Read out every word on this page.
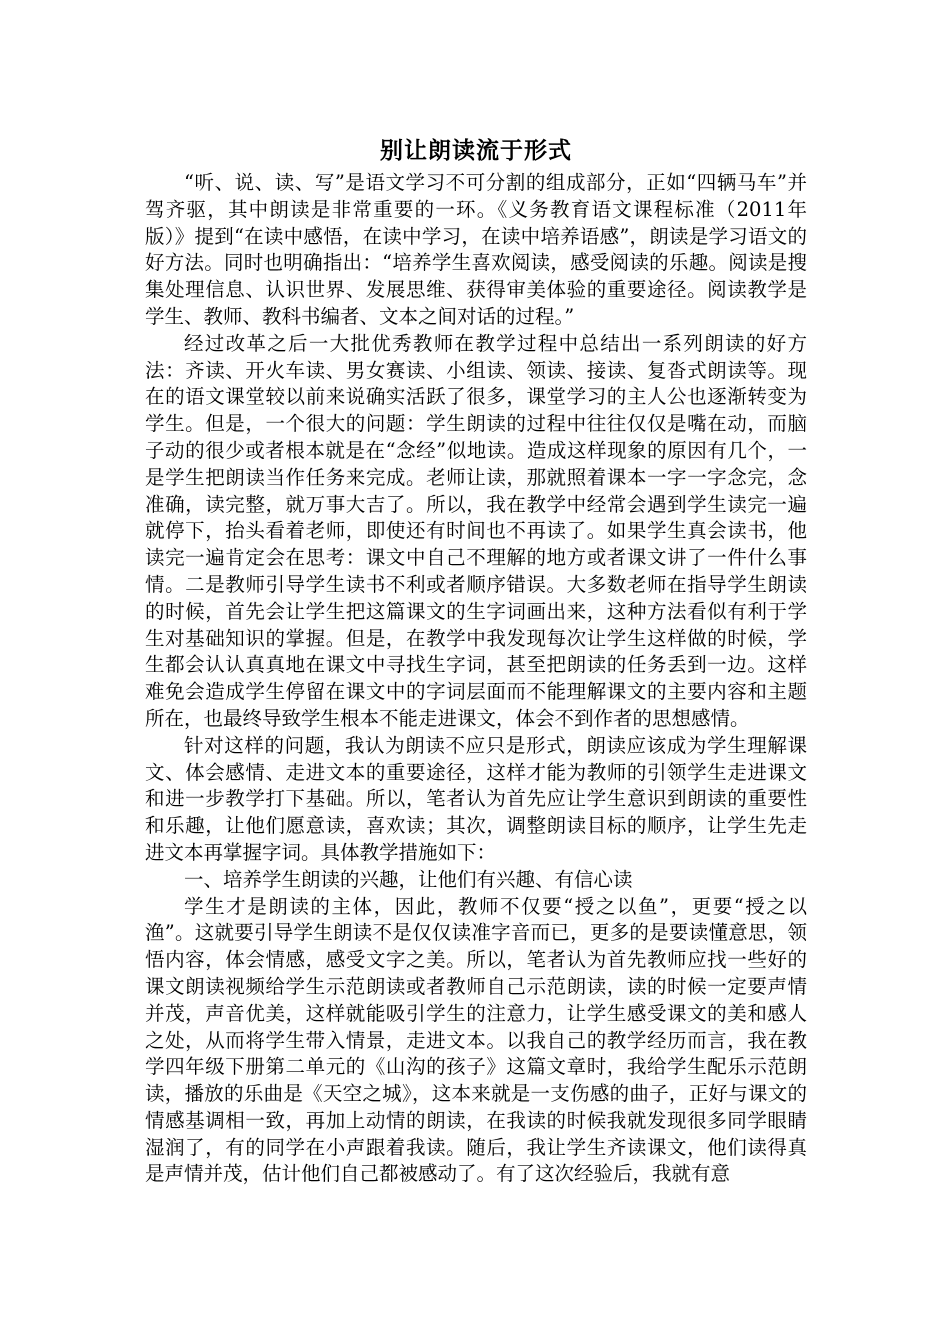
别让朗读流于形式

“听、说、读、写”是语文学习不可分割的组成部分，正如“四辆马车”并驾齐驱，其中朗读是非常重要的一环。《义务教育语文课程标准（2011年版）》提到“在读中感悟，在读中学习，在读中培养语感”，朗读是学习语文的好方法。同时也明确指出：“培养学生喜欢阅读，感受阅读的乐趣。阅读是搜集处理信息、认识世界、发展思维、获得审美体验的重要途径。阅读教学是学生、教师、教科书编者、文本之间对话的过程。”

经过改革之后一大批优秀教师在教学过程中总结出一系列朗读的好方法：齐读、开火车读、男女赛读、小组读、领读、接读、复沓式朗读等。现在的语文课堂较以前来说确实活跃了很多，课堂学习的主人公也逐渐转变为学生。但是，一个很大的问题：学生朗读的过程中往往仅仅是嘴在动，而脑子动的很少或者根本就是在“念经”似地读。造成这样现象的原因有几个，一是学生把朗读当作任务来完成。老师让读，那就照着课本一字一字念完，念准确，读完整，就万事大吉了。所以，我在教学中经常会遇到学生读完一遍就停下，抬头看着老师，即使还有时间也不再读了。如果学生真会读书，他读完一遍肯定会在思考：课文中自己不理解的地方或者课文讲了一件什么事情。二是教师引导学生读书不利或者顺序错误。大多数老师在指导学生朗读的时候，首先会让学生把这篇课文的生字词画出来，这种方法看似有利于学生对基础知识的掌握。但是，在教学中我发现每次让学生这样做的时候，学生都会认认真真地在课文中寻找生字词，甚至把朗读的任务丢到一边。这样难免会造成学生停留在课文中的字词层面而不能理解课文的主要内容和主题所在，也最终导致学生根本不能走进课文，体会不到作者的思想感情。

针对这样的问题，我认为朗读不应只是形式，朗读应该成为学生理解课文、体会感情、走进文本的重要途径，这样才能为教师的引领学生走进课文和进一步教学打下基础。所以，笔者认为首先应让学生意识到朗读的重要性和乐趣，让他们愿意读，喜欢读；其次，调整朗读目标的顺序，让学生先走进文本再掌握字词。具体教学措施如下：

一、培养学生朗读的兴趣，让他们有兴趣、有信心读

学生才是朗读的主体，因此，教师不仅要“授之以鱼”，更要“授之以渔”。这就要引导学生朗读不是仅仅读准字音而已，更多的是要读懂意思，领悟内容，体会情感，感受文字之美。所以，笔者认为首先教师应找一些好的课文朗读视频给学生示范朗读或者教师自己示范朗读，读的时候一定要声情并茂，声音优美，这样就能吸引学生的注意力，让学生感受课文的美和感人之处，从而将学生带入情景，走进文本。以我自己的教学经历而言，我在教学四年级下册第二单元的《山沟的孩子》这篇文章时，我给学生配乐示范朗读，播放的乐曲是《天空之城》，这本来就是一支伤感的曲子，正好与课文的情感基调相一致，再加上动情的朗读，在我读的时候我就发现很多同学眼睛湿润了，有的同学在小声跟着我读。随后，我让学生齐读课文，他们读得真是声情并茂，估计他们自己都被感动了。有了这次经验后，我就有意
